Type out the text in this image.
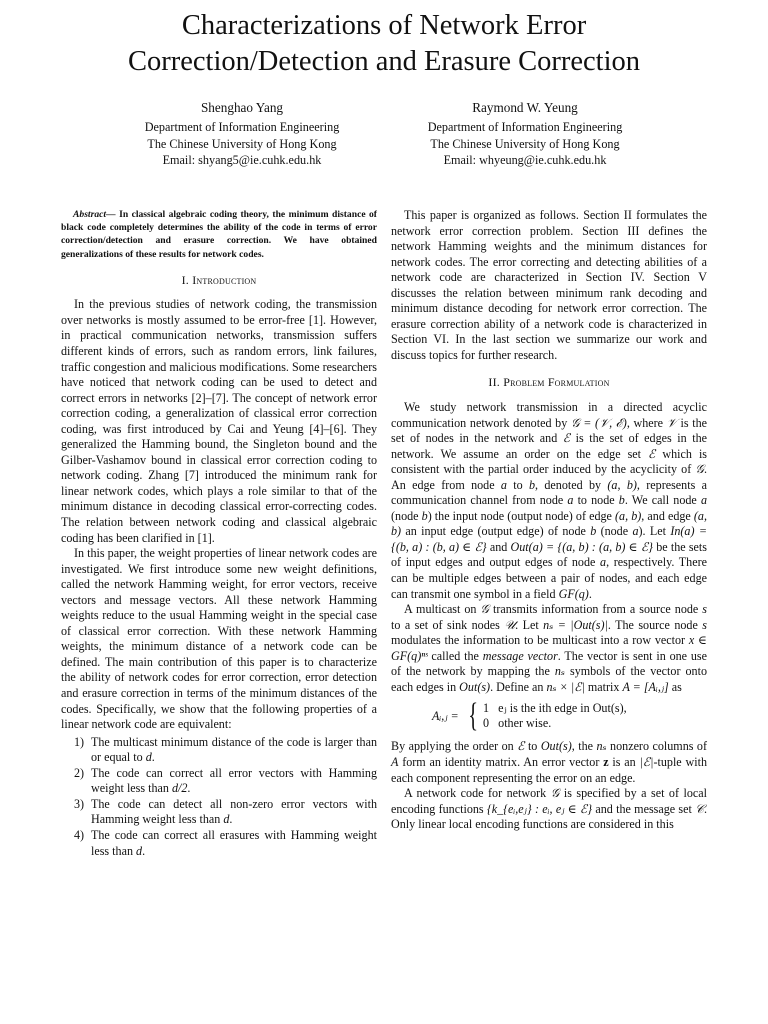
Characterizations of Network Error
Correction/Detection and Erasure Correction
Shenghao Yang
Department of Information Engineering
The Chinese University of Hong Kong
Email: shyang5@ie.cuhk.edu.hk
Raymond W. Yeung
Department of Information Engineering
The Chinese University of Hong Kong
Email: whyeung@ie.cuhk.edu.hk

Abstract— In classical algebraic coding theory, the minimum distance of black code completely determines the ability of the code in terms of error correction/detection and erasure correction. We have obtained generalizations of these results for network codes.

I. Introduction

In the previous studies of network coding, the transmission over networks is mostly assumed to be error-free [1]. However, in practical communication networks, transmission suffers different kinds of errors, such as random errors, link failures, traffic congestion and malicious modifications. Some researchers have noticed that network coding can be used to detect and correct errors in networks [2]–[7]. The concept of network error correction coding, a generalization of classical error correction coding, was first introduced by Cai and Yeung [4]–[6]. They generalized the Hamming bound, the Singleton bound and the Gilber-Vashamov bound in classical error correction coding to network coding. Zhang [7] introduced the minimum rank for linear network codes, which plays a role similar to that of the minimum distance in decoding classical error-correcting codes. The relation between network coding and classical algebraic coding has been clarified in [1].

In this paper, the weight properties of linear network codes are investigated. We first introduce some new weight definitions, called the network Hamming weight, for error vectors, receive vectors and message vectors. All these network Hamming weights reduce to the usual Hamming weight in the special case of classical error correction. With these network Hamming weights, the minimum distance of a network code can be defined. The main contribution of this paper is to characterize the ability of network codes for error correction, error detection and erasure correction in terms of the minimum distances of the codes. Specifically, we show that the following properties of a linear network code are equivalent:

1) The multicast minimum distance of the code is larger than or equal to d.
2) The code can correct all error vectors with Hamming weight less than d/2.
3) The code can detect all non-zero error vectors with Hamming weight less than d.
4) The code can correct all erasures with Hamming weight less than d.

This paper is organized as follows. Section II formulates the network error correction problem. Section III defines the network Hamming weights and the minimum distances for network codes. The error correcting and detecting abilities of a network code are characterized in Section IV. Section V discusses the relation between minimum rank decoding and minimum distance decoding for network error correction. The erasure correction ability of a network code is characterized in Section VI. In the last section we summarize our work and discuss topics for further research.

II. Problem Formulation

We study network transmission in a directed acyclic communication network denoted by 𝒢 = (𝒱, ℰ), where 𝒱 is the set of nodes in the network and ℰ is the set of edges in the network. We assume an order on the edge set ℰ which is consistent with the partial order induced by the acyclicity of 𝒢. An edge from node a to b, denoted by (a, b), represents a communication channel from node a to node b. We call node a (node b) the input node (output node) of edge (a, b), and edge (a, b) an input edge (output edge) of node b (node a). Let In(a) = {(b, a) : (b, a) ∈ ℰ} and Out(a) = {(a, b) : (a, b) ∈ ℰ} be the sets of input edges and output edges of node a, respectively. There can be multiple edges between a pair of nodes, and each edge can transmit one symbol in a field GF(q).

A multicast on 𝒢 transmits information from a source node s to a set of sink nodes 𝒰. Let nₛ = |Out(s)|. The source node s modulates the information to be multicast into a row vector x ∈ GF(q)ⁿˢ called the message vector. The vector is sent in one use of the network by mapping the nₛ symbols of the vector onto each edges in Out(s). Define an nₛ × |ℰ| matrix A = [Aᵢ,ⱼ] as

Aᵢ,ⱼ = { 1   eⱼ is the ith edge in Out(s),
0   other wise.

By applying the order on ℰ to Out(s), the nₛ nonzero columns of A form an identity matrix. An error vector z is an |ℰ|-tuple with each component representing the error on an edge.

A network code for network 𝒢 is specified by a set of local encoding functions {k_{eᵢ,eⱼ} : eᵢ, eⱼ ∈ ℰ} and the message set 𝒞. Only linear local encoding functions are considered in this
